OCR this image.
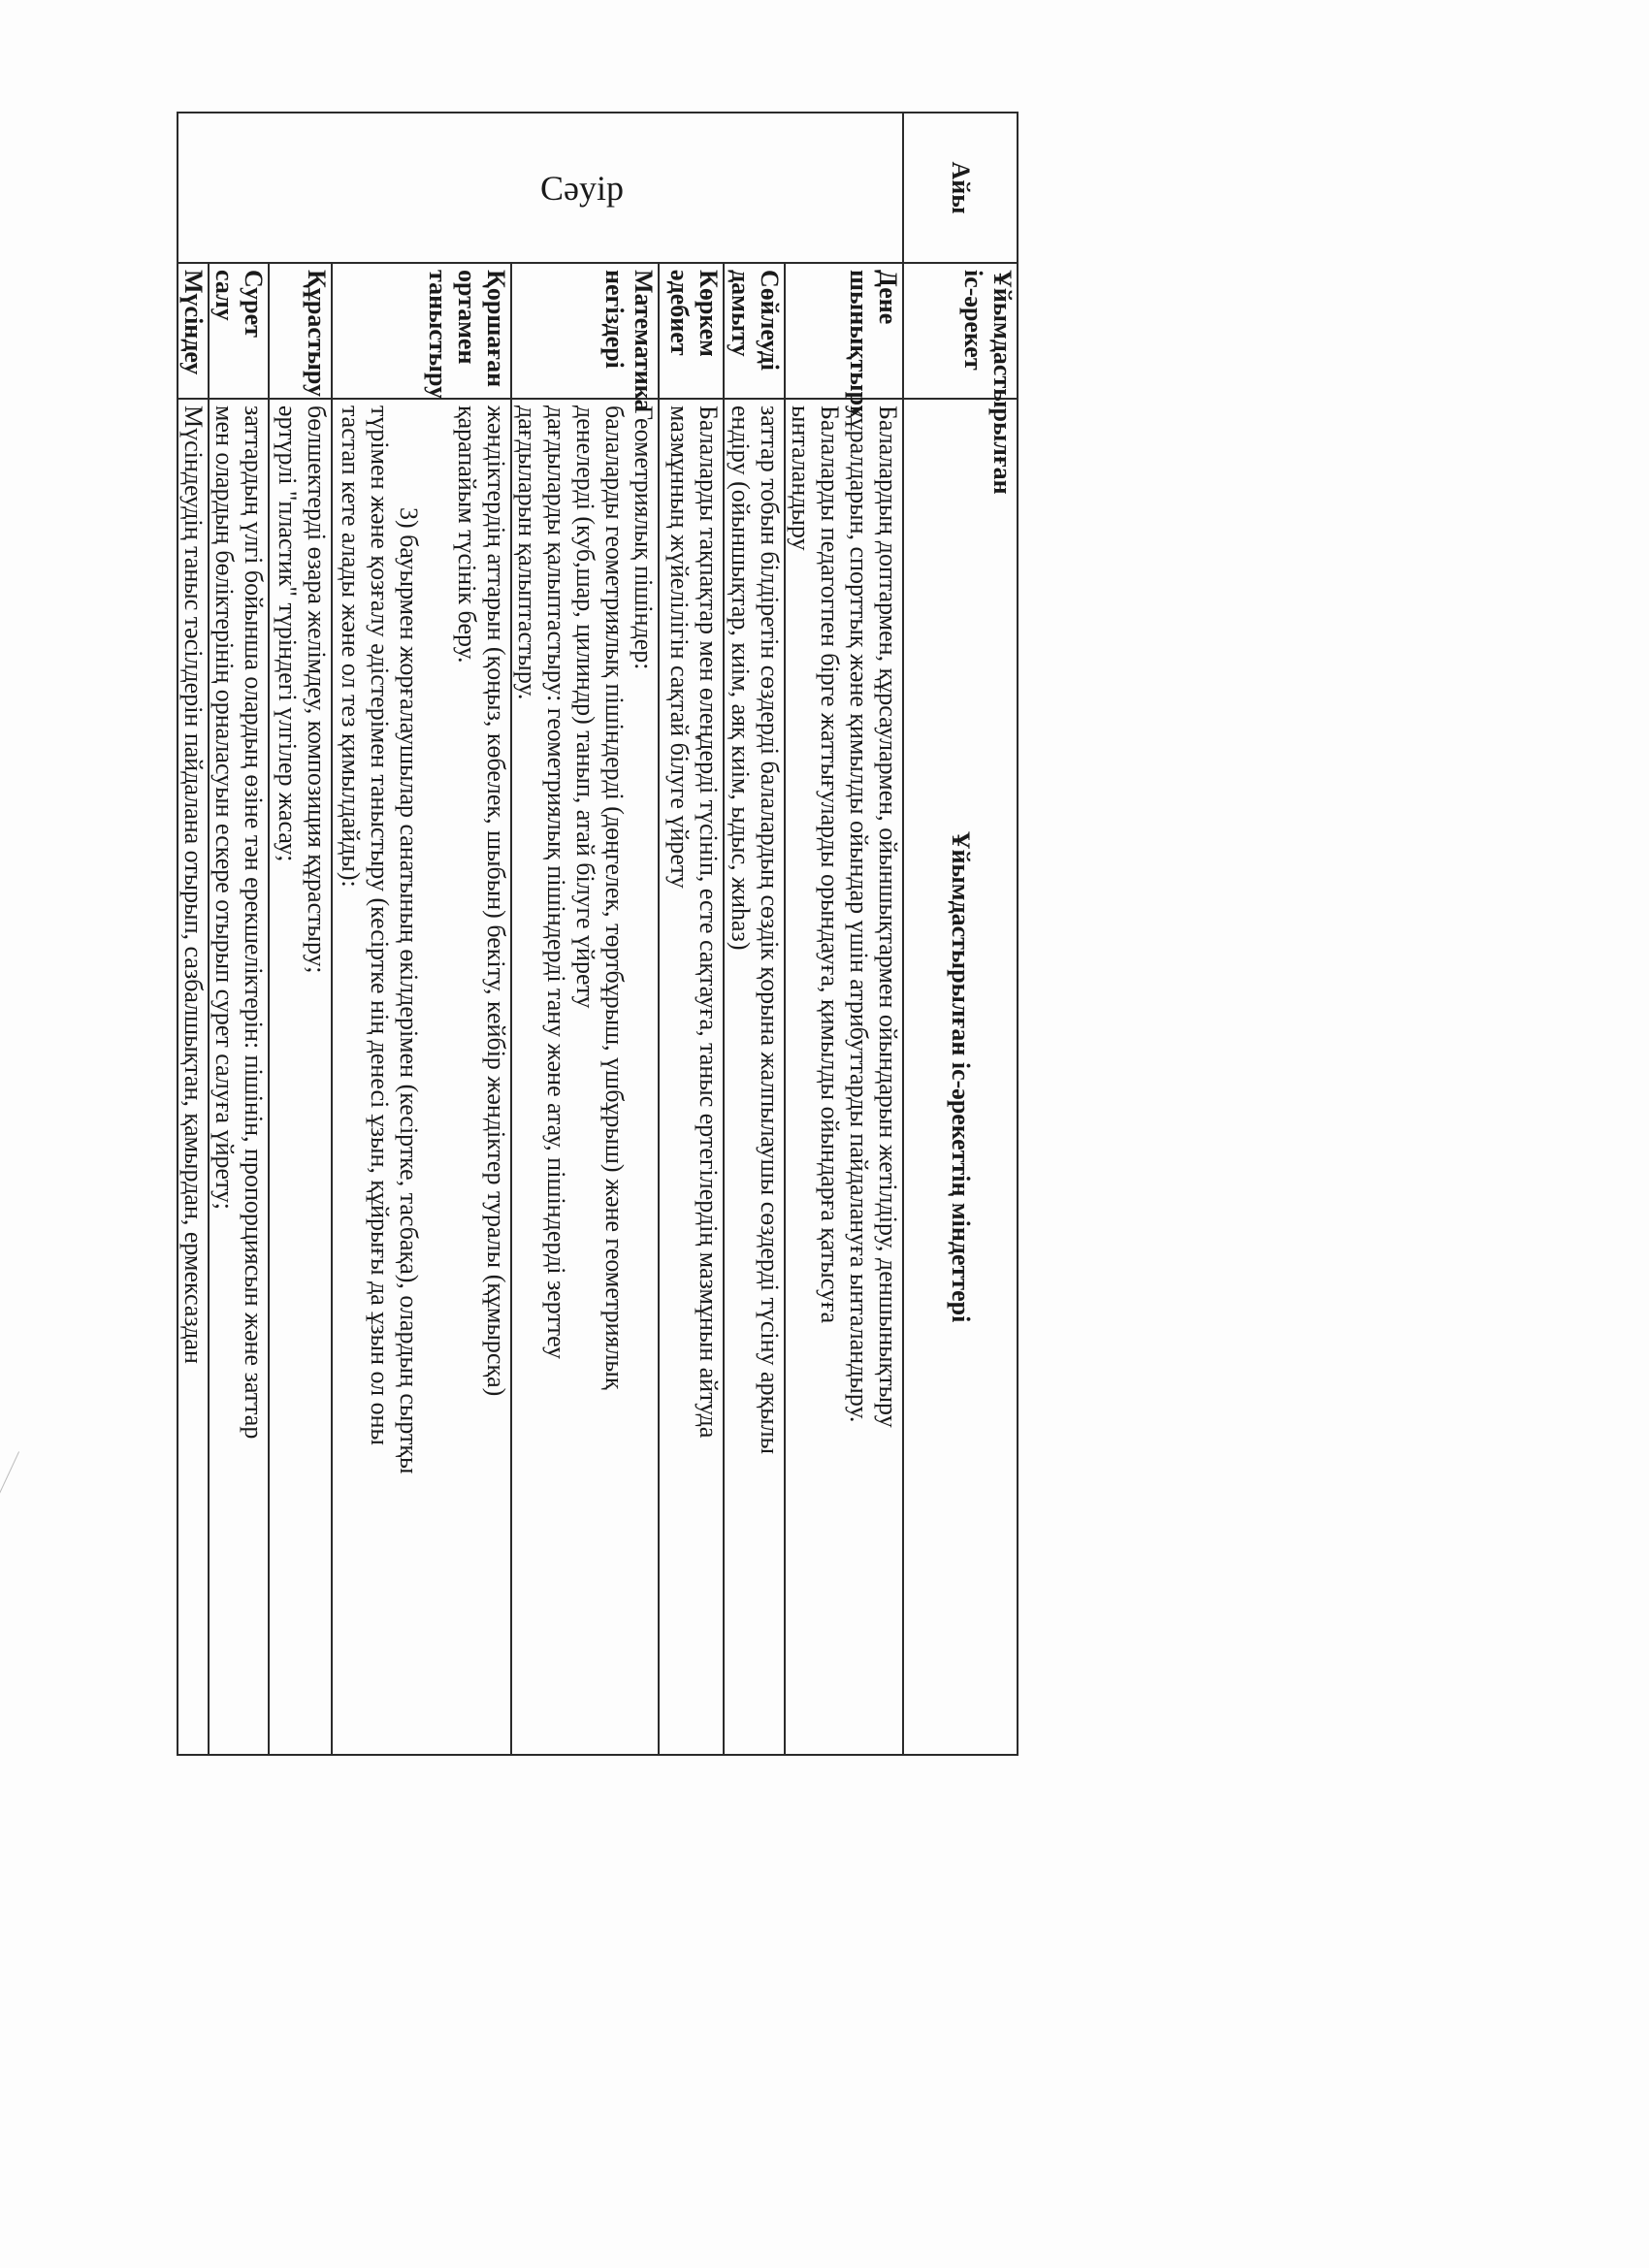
Айы	Ұйымдастырылған іс-әрекет	Ұйымдастырылған іс-әрекеттің міндеттері

Сәуір	Дене шынықтыру	Балалардың доптармен, құрсаулармен, ойыншықтармен ойындарын жетілдіру, деншынықтыру

құралдарын, спорттық және қимылды ойындар үшін атрибуттарды пайдалануға ынталандыру.

Балаларды педагогпен бірге жаттығуларды орындауға, қимылды ойындарға қатысуға

ынталандыру

	Сөйлеуді дамыту	заттар тобын білдіретін сөздерді балалардың сөздік қорына жалпылаушы сөздерді түсіну арқылы

ендіру (ойыншықтар, киім, аяқ киім, ыдыс, жиһаз)

	Көркем әдебиет	Балаларды тақпақтар мен өлеңдерді түсініп, есте сақтауға, таныс ертегілердің мазмұнын айтуда

мазмұнның жүйелілігін сақтай білуге үйрету

	Математика негіздері	Геометриялық пішіндер:

балаларды геометриялық пішіндерді (дөңгелек, төртбұрыш, үшбұрыш) және геометриялық

денелерді (куб,шар, цилиндр) танып, атай білуге үйрету

дағдыларды қалыптастыру: геометриялық пішіндерді тану және атау, пішіндерді зерттеу

дағдыларын қалыптастыру.

	Қоршаған ортамен таныстыру	жәндіктердің аттарын (қоңыз, көбелек, шыбын) бекіту, кейбір жәндіктер туралы (құмырсқа)

қарапайым түсінік беру.

3) бауырмен жорғалаушылар санатының өкілдерімен (кесіртке, тасбақа), олардың сыртқы

түрімен және қозғалу әдістерімен таныстыру (кесіртке нің денесі ұзын, құйрығы да ұзын ол оны

тастап кете алады және ол тез қимылдайды):

	Құрастыру	бөлшектерді өзара желімдеу, композиция құрастыру;

әртүрлі "пластик" түріндегі үлгілер жасау;

	Сурет салу	заттардың үлгі бойынша олардың өзіне тән ерекшеліктерін: пішінін, пропорциясын және заттар

мен олардың бөліктерінің орналасуын ескере отырып сурет салуға үйрету;

	Мүсіндеу	Мүсіндеудің таныс тәсілдерін пайдалана отырып, сазбалшықтан, қамырдан, ермексаздан
